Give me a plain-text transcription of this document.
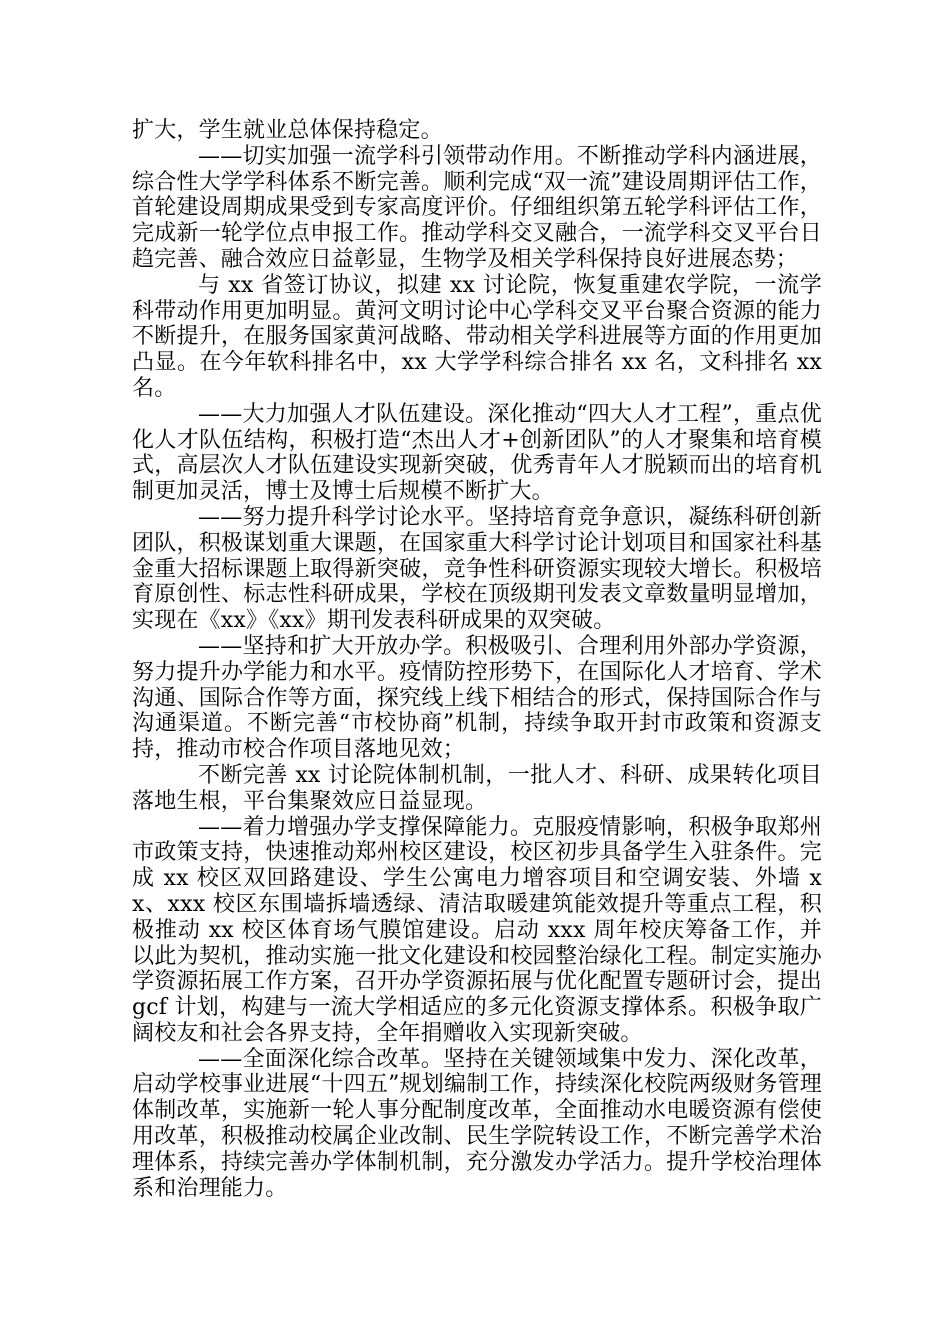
扩大，学生就业总体保持稳定。

——切实加强一流学科引领带动作用。不断推动学科内涵进展，综合性大学学科体系不断完善。顺利完成“双一流”建设周期评估工作，首轮建设周期成果受到专家高度评价。仔细组织第五轮学科评估工作，完成新一轮学位点申报工作。推动学科交叉融合，一流学科交叉平台日趋完善、融合效应日益彰显，生物学及相关学科保持良好进展态势；

与 xx 省签订协议，拟建 xx 讨论院，恢复重建农学院，一流学科带动作用更加明显。黄河文明讨论中心学科交叉平台聚合资源的能力不断提升，在服务国家黄河战略、带动相关学科进展等方面的作用更加凸显。在今年软科排名中，xx 大学学科综合排名 xx 名，文科排名 xx 名。

——大力加强人才队伍建设。深化推动“四大人才工程”，重点优化人才队伍结构，积极打造“杰出人才+创新团队”的人才聚集和培育模式，高层次人才队伍建设实现新突破，优秀青年人才脱颖而出的培育机制更加灵活，博士及博士后规模不断扩大。

——努力提升科学讨论水平。坚持培育竞争意识，凝练科研创新团队，积极谋划重大课题，在国家重大科学讨论计划项目和国家社科基金重大招标课题上取得新突破，竞争性科研资源实现较大增长。积极培育原创性、标志性科研成果，学校在顶级期刊发表文章数量明显增加，实现在《xx》《xx》期刊发表科研成果的双突破。

——坚持和扩大开放办学。积极吸引、合理利用外部办学资源，努力提升办学能力和水平。疫情防控形势下，在国际化人才培育、学术沟通、国际合作等方面，探究线上线下相结合的形式，保持国际合作与沟通渠道。不断完善“市校协商”机制，持续争取开封市政策和资源支持，推动市校合作项目落地见效；

不断完善 xx 讨论院体制机制，一批人才、科研、成果转化项目落地生根，平台集聚效应日益显现。

——着力增强办学支撑保障能力。克服疫情影响，积极争取郑州市政策支持，快速推动郑州校区建设，校区初步具备学生入驻条件。完成 xx 校区双回路建设、学生公寓电力增容项目和空调安装、外墙 xx、xxx 校区东围墙拆墙透绿、清洁取暖建筑能效提升等重点工程，积极推动 xx 校区体育场气膜馆建设。启动 xxx 周年校庆筹备工作，并以此为契机，推动实施一批文化建设和校园整治绿化工程。制定实施办学资源拓展工作方案，召开办学资源拓展与优化配置专题研讨会，提出 gcf 计划，构建与一流大学相适应的多元化资源支撑体系。积极争取广阔校友和社会各界支持，全年捐赠收入实现新突破。

——全面深化综合改革。坚持在关键领域集中发力、深化改革，启动学校事业进展“十四五”规划编制工作，持续深化校院两级财务管理体制改革，实施新一轮人事分配制度改革，全面推动水电暖资源有偿使用改革，积极推动校属企业改制、民生学院转设工作，不断完善学术治理体系，持续完善办学体制机制，充分激发办学活力。提升学校治理体系和治理能力。
